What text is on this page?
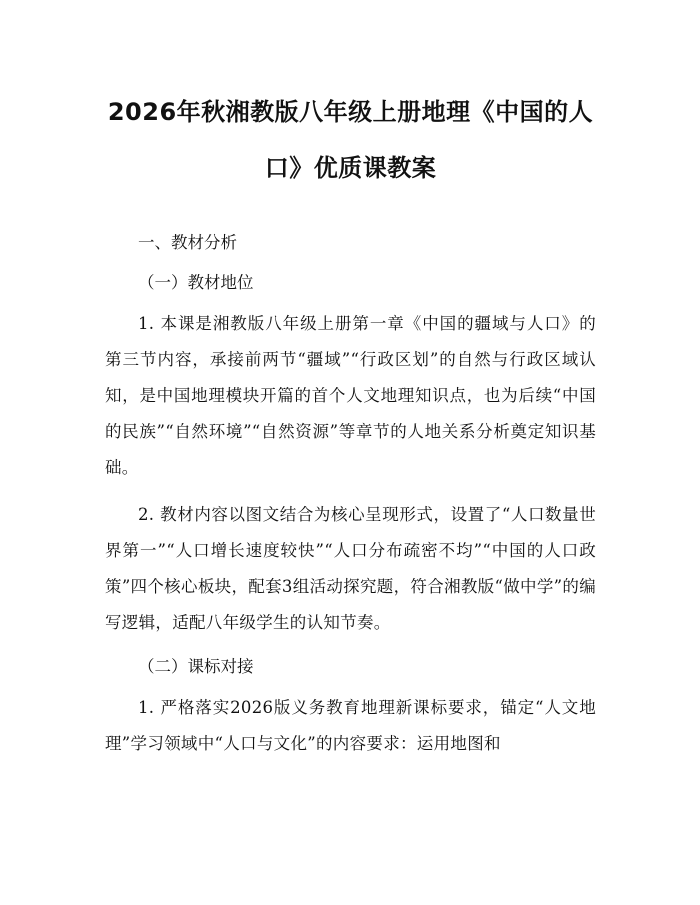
2026年秋湘教版八年级上册地理《中国的人口》优质课教案

一、教材分析

（一）教材地位

1. 本课是湘教版八年级上册第一章《中国的疆域与人口》的第三节内容，承接前两节“疆域”“行政区划”的自然与行政区域认知，是中国地理模块开篇的首个人文地理知识点，也为后续“中国的民族”“自然环境”“自然资源”等章节的人地关系分析奠定知识基础。

2. 教材内容以图文结合为核心呈现形式，设置了“人口数量世界第一”“人口增长速度较快”“人口分布疏密不均”“中国的人口政策”四个核心板块，配套3组活动探究题，符合湘教版“做中学”的编写逻辑，适配八年级学生的认知节奏。

（二）课标对接

1. 严格落实2026版义务教育地理新课标要求，锚定“人文地理”学习领域中“人口与文化”的内容要求：运用地图和
